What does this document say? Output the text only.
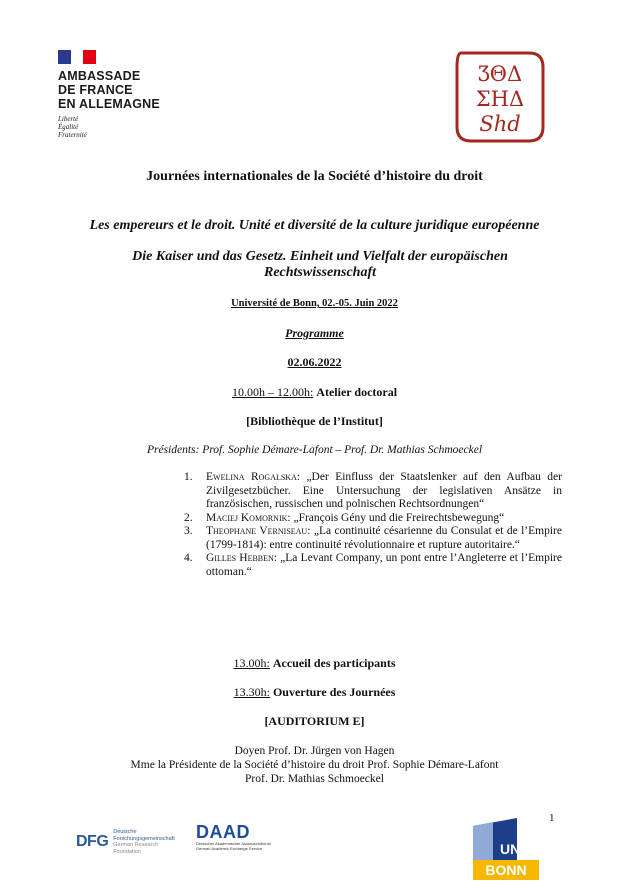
AMBASSADE
DE FRANCE
EN ALLEMAGNE
Liberté
Égalité
Fraternité
ƷΘΔ
ΣΗΔ
Shd
Journées internationales de la Société d’histoire du droit
Les empereurs et le droit. Unité et diversité de la culture juridique européenne
Die Kaiser und das Gesetz. Einheit und Vielfalt der europäischen Rechtswissenschaft
Université de Bonn, 02.-05. Juin 2022
Programme
02.06.2022
10.00h – 12.00h: Atelier doctoral
[Bibliothèque de l’Institut]
Présidents: Prof. Sophie Démare-Lafont – Prof. Dr. Mathias Schmoeckel
1. Ewelina Rogalska: „Der Einfluss der Staatslenker auf den Aufbau der Zivilgesetzbücher. Eine Untersuchung der legislativen Ansätze in französischen, russischen und polnischen Rechtsordnungen“
2. Maciej Komornik: „François Gény und die Freirechtsbewegung“
3. Theophane Verniseau: „La continuité césarienne du Consulat et de l’Empire (1799-1814): entre continuité révolutionnaire et rupture autoritaire.“
4. Gilles Hebben: „La Levant Company, un pont entre l’Angleterre et l’Empire ottoman.“
13.00h: Accueil des participants
13.30h: Ouverture des Journées
[AUDITORIUM E]
Doyen Prof. Dr. Jürgen von Hagen
Mme la Présidente de la Société d’histoire du droit Prof. Sophie Démare-Lafont
Prof. Dr. Mathias Schmoeckel
1
DFG
Deutsche
Forschungsgemeinschaft
German Research Foundation
DAAD
Deutscher Akademischer Austauschdienst
German Academic Exchange Service	UNI
BONN
